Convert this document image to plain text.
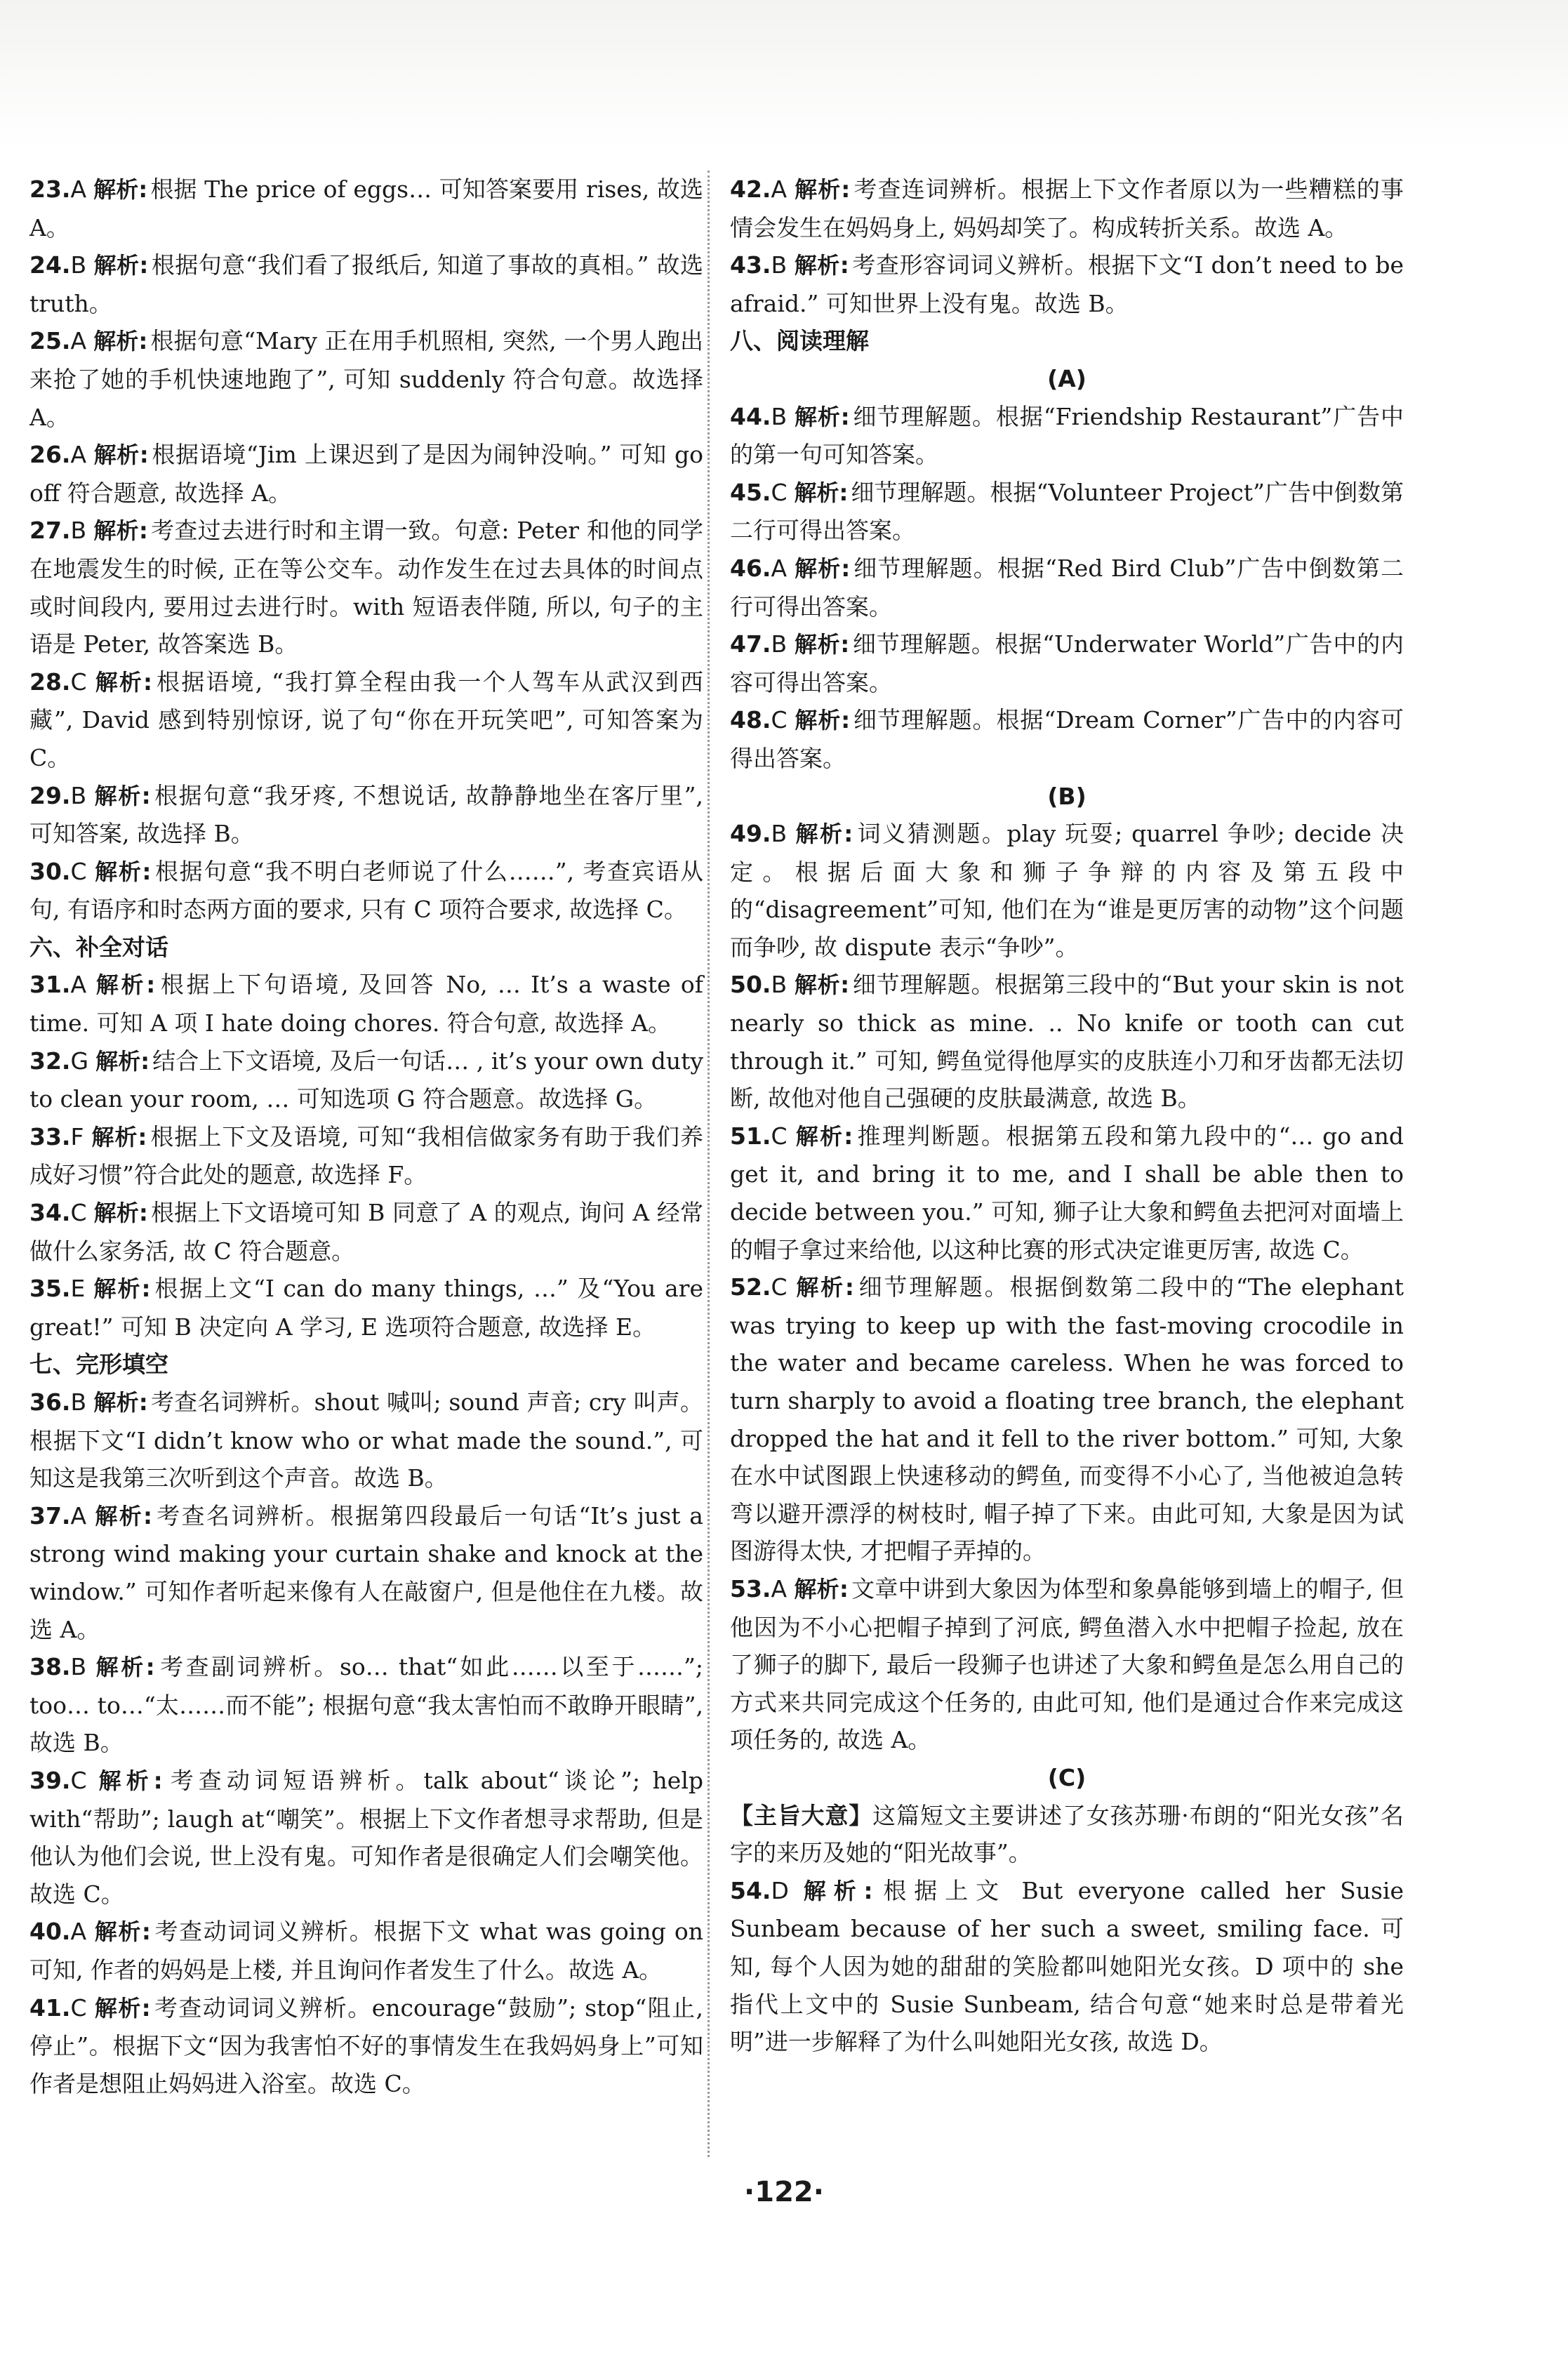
23.A 解析: 根据 The price of eggs… 可知答案要用 rises, 故选 A。

24.B 解析: 根据句意“我们看了报纸后, 知道了事故的真相。” 故选 truth。

25.A 解析: 根据句意“Mary 正在用手机照相, 突然, 一个男人跑出来抢了她的手机快速地跑了”, 可知 suddenly 符合句意。故选择 A。

26.A 解析: 根据语境“Jim 上课迟到了是因为闹钟没响。” 可知 go off 符合题意, 故选择 A。

27.B 解析: 考查过去进行时和主谓一致。句意: Peter 和他的同学在地震发生的时候, 正在等公交车。动作发生在过去具体的时间点或时间段内, 要用过去进行时。with 短语表伴随, 所以, 句子的主语是 Peter, 故答案选 B。

28.C 解析: 根据语境, “我打算全程由我一个人驾车从武汉到西藏”, David 感到特别惊讶, 说了句“你在开玩笑吧”, 可知答案为 C。

29.B 解析: 根据句意“我牙疼, 不想说话, 故静静地坐在客厅里”, 可知答案, 故选择 B。

30.C 解析: 根据句意“我不明白老师说了什么……”, 考查宾语从句, 有语序和时态两方面的要求, 只有 C 项符合要求, 故选择 C。

六、补全对话

31.A 解析: 根据上下句语境, 及回答 No, … It’s a waste of time. 可知 A 项 I hate doing chores. 符合句意, 故选择 A。

32.G 解析: 结合上下文语境, 及后一句话… , it’s your own duty to clean your room, … 可知选项 G 符合题意。故选择 G。

33.F 解析: 根据上下文及语境, 可知“我相信做家务有助于我们养成好习惯”符合此处的题意, 故选择 F。

34.C 解析: 根据上下文语境可知 B 同意了 A 的观点, 询问 A 经常做什么家务活, 故 C 符合题意。

35.E 解析: 根据上文“I can do many things, …” 及“You are great!” 可知 B 决定向 A 学习, E 选项符合题意, 故选择 E。

七、完形填空

36.B 解析: 考查名词辨析。shout 喊叫; sound 声音; cry 叫声。根据下文“I didn’t know who or what made the sound.”, 可知这是我第三次听到这个声音。故选 B。

37.A 解析: 考查名词辨析。根据第四段最后一句话“It’s just a strong wind making your curtain shake and knock at the window.” 可知作者听起来像有人在敲窗户, 但是他住在九楼。故选 A。

38.B 解析: 考查副词辨析。so… that“如此……以至于……”; too… to…“太……而不能”; 根据句意“我太害怕而不敢睁开眼睛”, 故选 B。

39.C 解析: 考查动词短语辨析。talk about“谈论”; help with“帮助”; laugh at“嘲笑”。根据上下文作者想寻求帮助, 但是他认为他们会说, 世上没有鬼。可知作者是很确定人们会嘲笑他。故选 C。

40.A 解析: 考查动词词义辨析。根据下文 what was going on 可知, 作者的妈妈是上楼, 并且询问作者发生了什么。故选 A。

41.C 解析: 考查动词词义辨析。encourage“鼓励”; stop“阻止, 停止”。根据下文“因为我害怕不好的事情发生在我妈妈身上”可知作者是想阻止妈妈进入浴室。故选 C。

42.A 解析: 考查连词辨析。根据上下文作者原以为一些糟糕的事情会发生在妈妈身上, 妈妈却笑了。构成转折关系。故选 A。

43.B 解析: 考查形容词词义辨析。根据下文“I don’t need to be afraid.” 可知世界上没有鬼。故选 B。

八、阅读理解

(A)

44.B 解析: 细节理解题。根据“Friendship Restaurant”广告中的第一句可知答案。

45.C 解析: 细节理解题。根据“Volunteer Project”广告中倒数第二行可得出答案。

46.A 解析: 细节理解题。根据“Red Bird Club”广告中倒数第二行可得出答案。

47.B 解析: 细节理解题。根据“Underwater World”广告中的内容可得出答案。

48.C 解析: 细节理解题。根据“Dream Corner”广告中的内容可得出答案。

(B)

49.B 解析: 词义猜测题。play 玩耍; quarrel 争吵; decide 决定。根据后面大象和狮子争辩的内容及第五段中的“disagreement”可知, 他们在为“谁是更厉害的动物”这个问题而争吵, 故 dispute 表示“争吵”。

50.B 解析: 细节理解题。根据第三段中的“But your skin is not nearly so thick as mine. .. No knife or tooth can cut through it.” 可知, 鳄鱼觉得他厚实的皮肤连小刀和牙齿都无法切断, 故他对他自己强硬的皮肤最满意, 故选 B。

51.C 解析: 推理判断题。根据第五段和第九段中的“… go and get it, and bring it to me, and I shall be able then to decide between you.” 可知, 狮子让大象和鳄鱼去把河对面墙上的帽子拿过来给他, 以这种比赛的形式决定谁更厉害, 故选 C。

52.C 解析: 细节理解题。根据倒数第二段中的“The elephant was trying to keep up with the fast-moving crocodile in the water and became careless. When he was forced to turn sharply to avoid a floating tree branch, the elephant dropped the hat and it fell to the river bottom.” 可知, 大象在水中试图跟上快速移动的鳄鱼, 而变得不小心了, 当他被迫急转弯以避开漂浮的树枝时, 帽子掉了下来。由此可知, 大象是因为试图游得太快, 才把帽子弄掉的。

53.A 解析: 文章中讲到大象因为体型和象鼻能够到墙上的帽子, 但他因为不小心把帽子掉到了河底, 鳄鱼潜入水中把帽子捡起, 放在了狮子的脚下, 最后一段狮子也讲述了大象和鳄鱼是怎么用自己的方式来共同完成这个任务的, 由此可知, 他们是通过合作来完成这项任务的, 故选 A。

(C)

【主旨大意】这篇短文主要讲述了女孩苏珊·布朗的“阳光女孩”名字的来历及她的“阳光故事”。

54.D 解析: 根据上文 But everyone called her Susie Sunbeam because of her such a sweet, smiling face. 可知, 每个人因为她的甜甜的笑脸都叫她阳光女孩。D 项中的 she 指代上文中的 Susie Sunbeam, 结合句意“她来时总是带着光明”进一步解释了为什么叫她阳光女孩, 故选 D。

·122·
